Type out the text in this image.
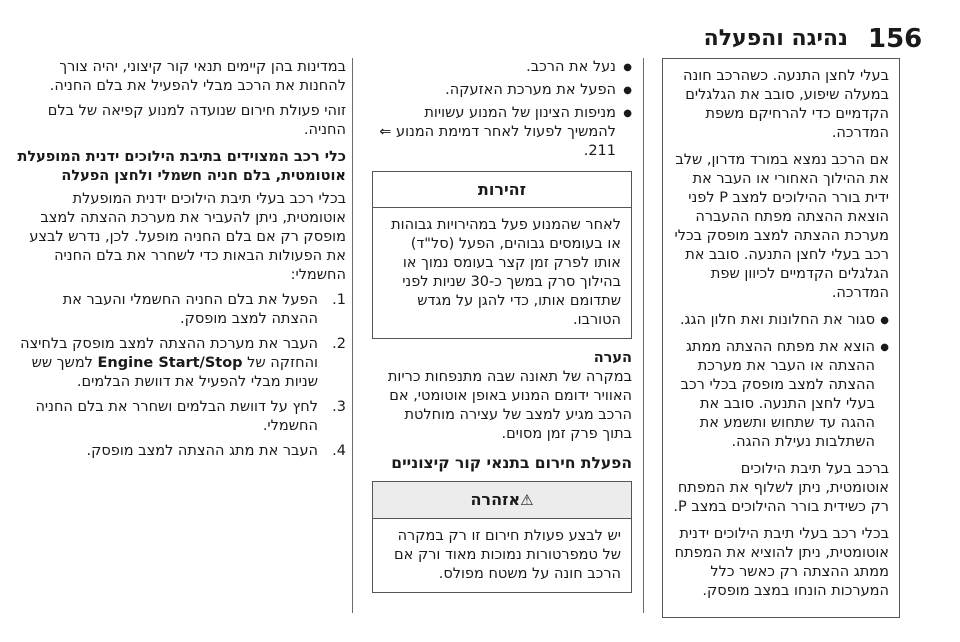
156
נהיגה והפעלה

בעלי לחצן התנעה. כשהרכב חונה במעלה שיפוע, סובב את הגלגלים הקדמיים כדי להרחיקם משפת המדרכה.

אם הרכב נמצא במורד מדרון, שלב את ההילוך האחורי או העבר את ידית בורר ההילוכים למצב P לפני הוצאת ההצתה מפתח ההעברה מערכת ההצתה למצב מופסק בכלי רכב בעלי לחצן התנעה. סובב את הגלגלים הקדמיים לכיוון שפת המדרכה.

● סגור את החלונות ואת חלון הגג.
● הוצא את מפתח ההצתה ממתג ההצתה או העבר את מערכת ההצתה למצב מופסק בכלי רכב בעלי לחצן התנעה. סובב את ההגה עד שתחוש ותשמע את השתלבות נעילת ההגה.

ברכב בעל תיבת הילוכים אוטומטית, ניתן לשלוף את המפתח רק כשידית בורר ההילוכים במצב P.

בכלי רכב בעלי תיבת הילוכים ידנית אוטומטית, ניתן להוציא את המפתח ממתג ההצתה רק כאשר כלל המערכות הונחו במצב מופסק.

● נעל את הרכב.
● הפעל את מערכת האזעקה.
● מניפות הצינון של המנוע עשויות להמשיך לפעול לאחר דמימת המנוע ⇐ 211.
זהירות
לאחר שהמנוע פעל במהירויות גבוהות או בעומסים גבוהים, הפעל (סל"ד) אותו לפרק זמן קצר בעומס נמוך או בהילוך סרק במשך כ-30 שניות לפני שתדומם אותו, כדי להגן על מגדש הטורבו.
הערה

במקרה של תאונה שבה מתנפחות כריות האוויר ידומם המנוע באופן אוטומטי, אם הרכב מגיע למצב של עצירה מוחלטת בתוך פרק זמן מסוים.

הפעלת חירום בתנאי קור קיצוניים
⚠אזהרה
יש לבצע פעולת חירום זו רק במקרה של טמפרטורות נמוכות מאוד ורק אם הרכב חונה על משטח מפולס.

במדינות בהן קיימים תנאי קור קיצוני, יהיה צורך להחנות את הרכב מבלי להפעיל את בלם החניה.

זוהי פעולת חירום שנועדה למנוע קפיאה של בלם החניה.

כלי רכב המצוידים בתיבת הילוכים ידנית המופעלת אוטומטית, בלם חניה חשמלי ולחצן הפעלה

בכלי רכב בעלי תיבת הילוכים ידנית המופעלת אוטומטית, ניתן להעביר את מערכת ההצתה למצב מופסק רק אם בלם החניה מופעל. לכן, נדרש לבצע את הפעולות הבאות כדי לשחרר את בלם החניה החשמלי:

1.
הפעל את בלם החניה החשמלי והעבר את ההצתה למצב מופסק.
2.
העבר את מערכת ההצתה למצב מופסק בלחיצה והחזקה של Engine Start/Stop למשך שש שניות מבלי להפעיל את דוושת הבלמים.
3.
לחץ על דוושת הבלמים ושחרר את בלם החניה החשמלי.
4.
העבר את מתג ההצתה למצב מופסק.
